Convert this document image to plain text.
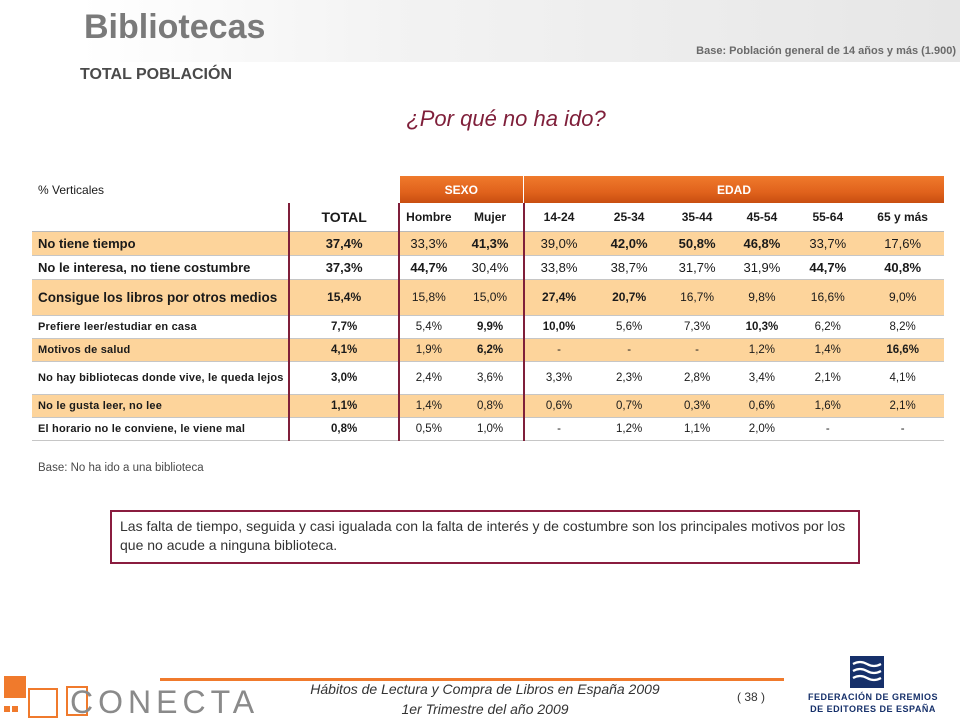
Bibliotecas
Base: Población general de 14 años y más (1.900)
TOTAL POBLACIÓN
¿Por qué no ha ido?
% Verticales		SEXO		EDAD					
	TOTAL	Hombre	Mujer	14-24	25-34	35-44	45-54	55-64	65 y más
No tiene tiempo	37,4%	33,3%	41,3%	39,0%	42,0%	50,8%	46,8%	33,7%	17,6%
No le interesa, no tiene costumbre	37,3%	44,7%	30,4%	33,8%	38,7%	31,7%	31,9%	44,7%	40,8%
Consigue los libros por otros medios	15,4%	15,8%	15,0%	27,4%	20,7%	16,7%	9,8%	16,6%	9,0%
Prefiere leer/estudiar en casa	7,7%	5,4%	9,9%	10,0%	5,6%	7,3%	10,3%	6,2%	8,2%
Motivos de salud	4,1%	1,9%	6,2%	-	-	-	1,2%	1,4%	16,6%
No hay bibliotecas donde vive, le queda lejos	3,0%	2,4%	3,6%	3,3%	2,3%	2,8%	3,4%	2,1%	4,1%
No le gusta leer, no lee	1,1%	1,4%	0,8%	0,6%	0,7%	0,3%	0,6%	1,6%	2,1%
El horario no le conviene, le viene mal	0,8%	0,5%	1,0%	-	1,2%	1,1%	2,0%	-	-
Base: No ha ido a una biblioteca
Las falta de tiempo, seguida y casi igualada con la falta de interés y de costumbre son los principales motivos por los que no acude a ninguna biblioteca.
CONECTA	Hábitos de Lectura y Compra de Libros en España 2009
1er Trimestre del año 2009
( 38 )	FEDERACIÓN DE GREMIOS
DE EDITORES DE ESPAÑA
